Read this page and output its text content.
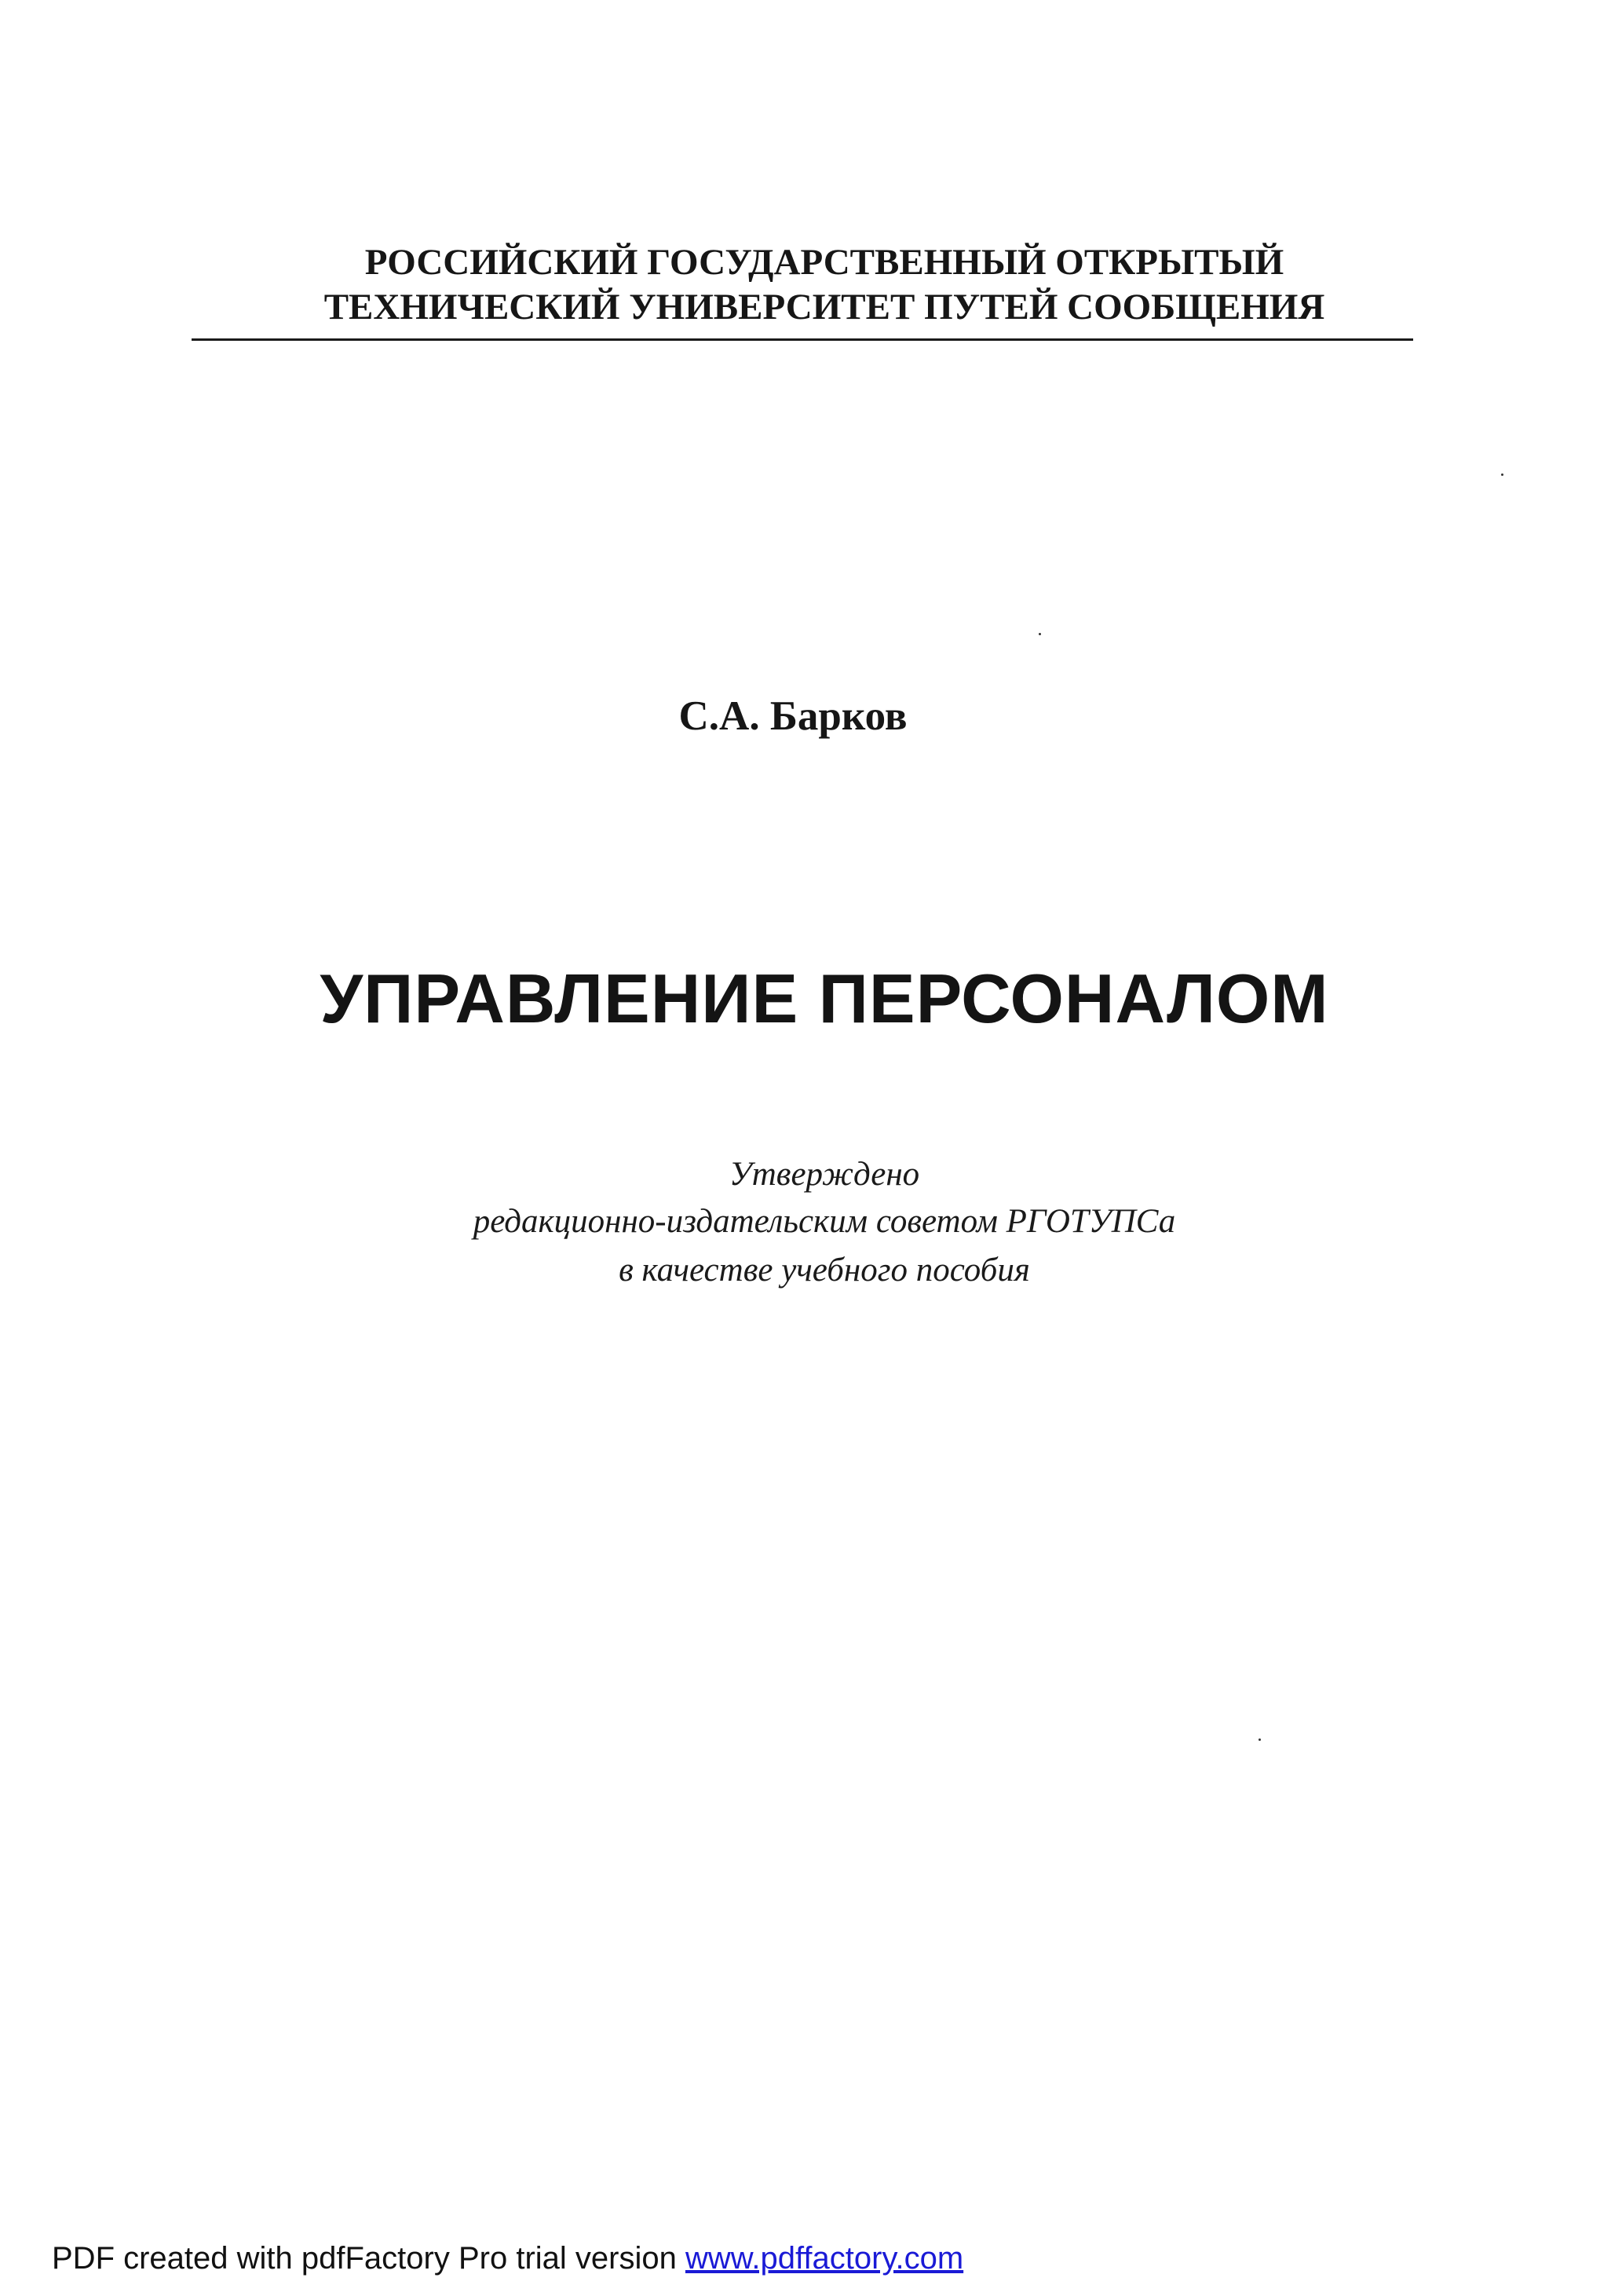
РОССИЙСКИЙ ГОСУДАРСТВЕННЫЙ ОТКРЫТЫЙ
ТЕХНИЧЕСКИЙ УНИВЕРСИТЕТ ПУТЕЙ СООБЩЕНИЯ
С.А. Барков
УПРАВЛЕНИЕ ПЕРСОНАЛОМ
Утверждено
редакционно-издательским советом РГОТУПСа
в качестве учебного пособия
PDF created with pdfFactory Pro trial version www.pdffactory.com
